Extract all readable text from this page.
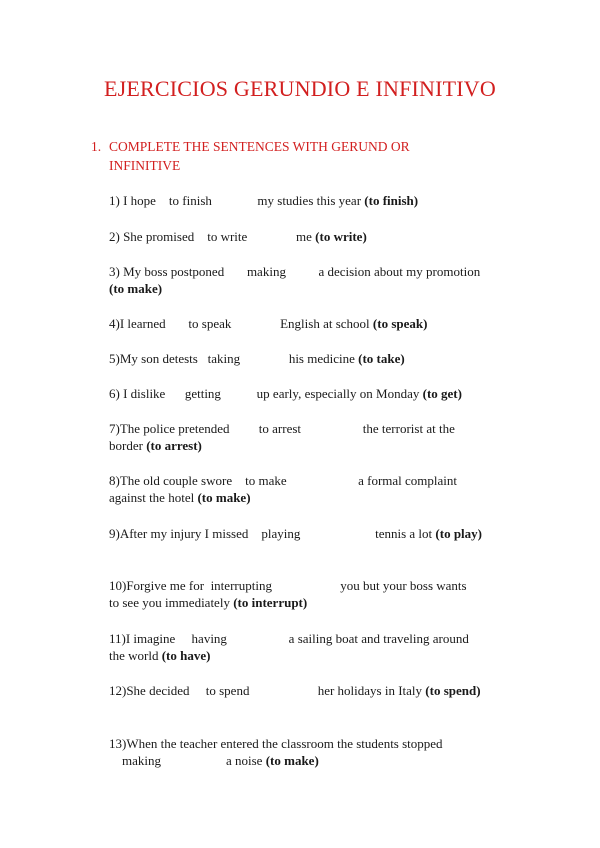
EJERCICIOS GERUNDIO E INFINITIVO
1. COMPLETE THE SENTENCES WITH GERUND OR INFINITIVE
1) I hope    to finish              my studies this year (to finish)
2) She promised    to write               me (to write)
3) My boss postponed       making          a decision about my promotion
(to make)
4)I learned       to speak               English at school (to speak)
5)My son detests   taking               his medicine (to take)
6) I dislike      getting           up early, especially on Monday (to get)
7)The police pretended         to arrest                   the terrorist at the
border (to arrest)
8)The old couple swore    to make                      a formal complaint
against the hotel (to make)
9)After my injury I missed    playing                       tennis a lot (to play)
10)Forgive me for  interrupting                     you but your boss wants
to see you immediately (to interrupt)
11)I imagine     having                   a sailing boat and traveling around
the world (to have)
12)She decided     to spend                     her holidays in Italy (to spend)
13)When the teacher entered the classroom the students stopped
making                    a noise (to make)
